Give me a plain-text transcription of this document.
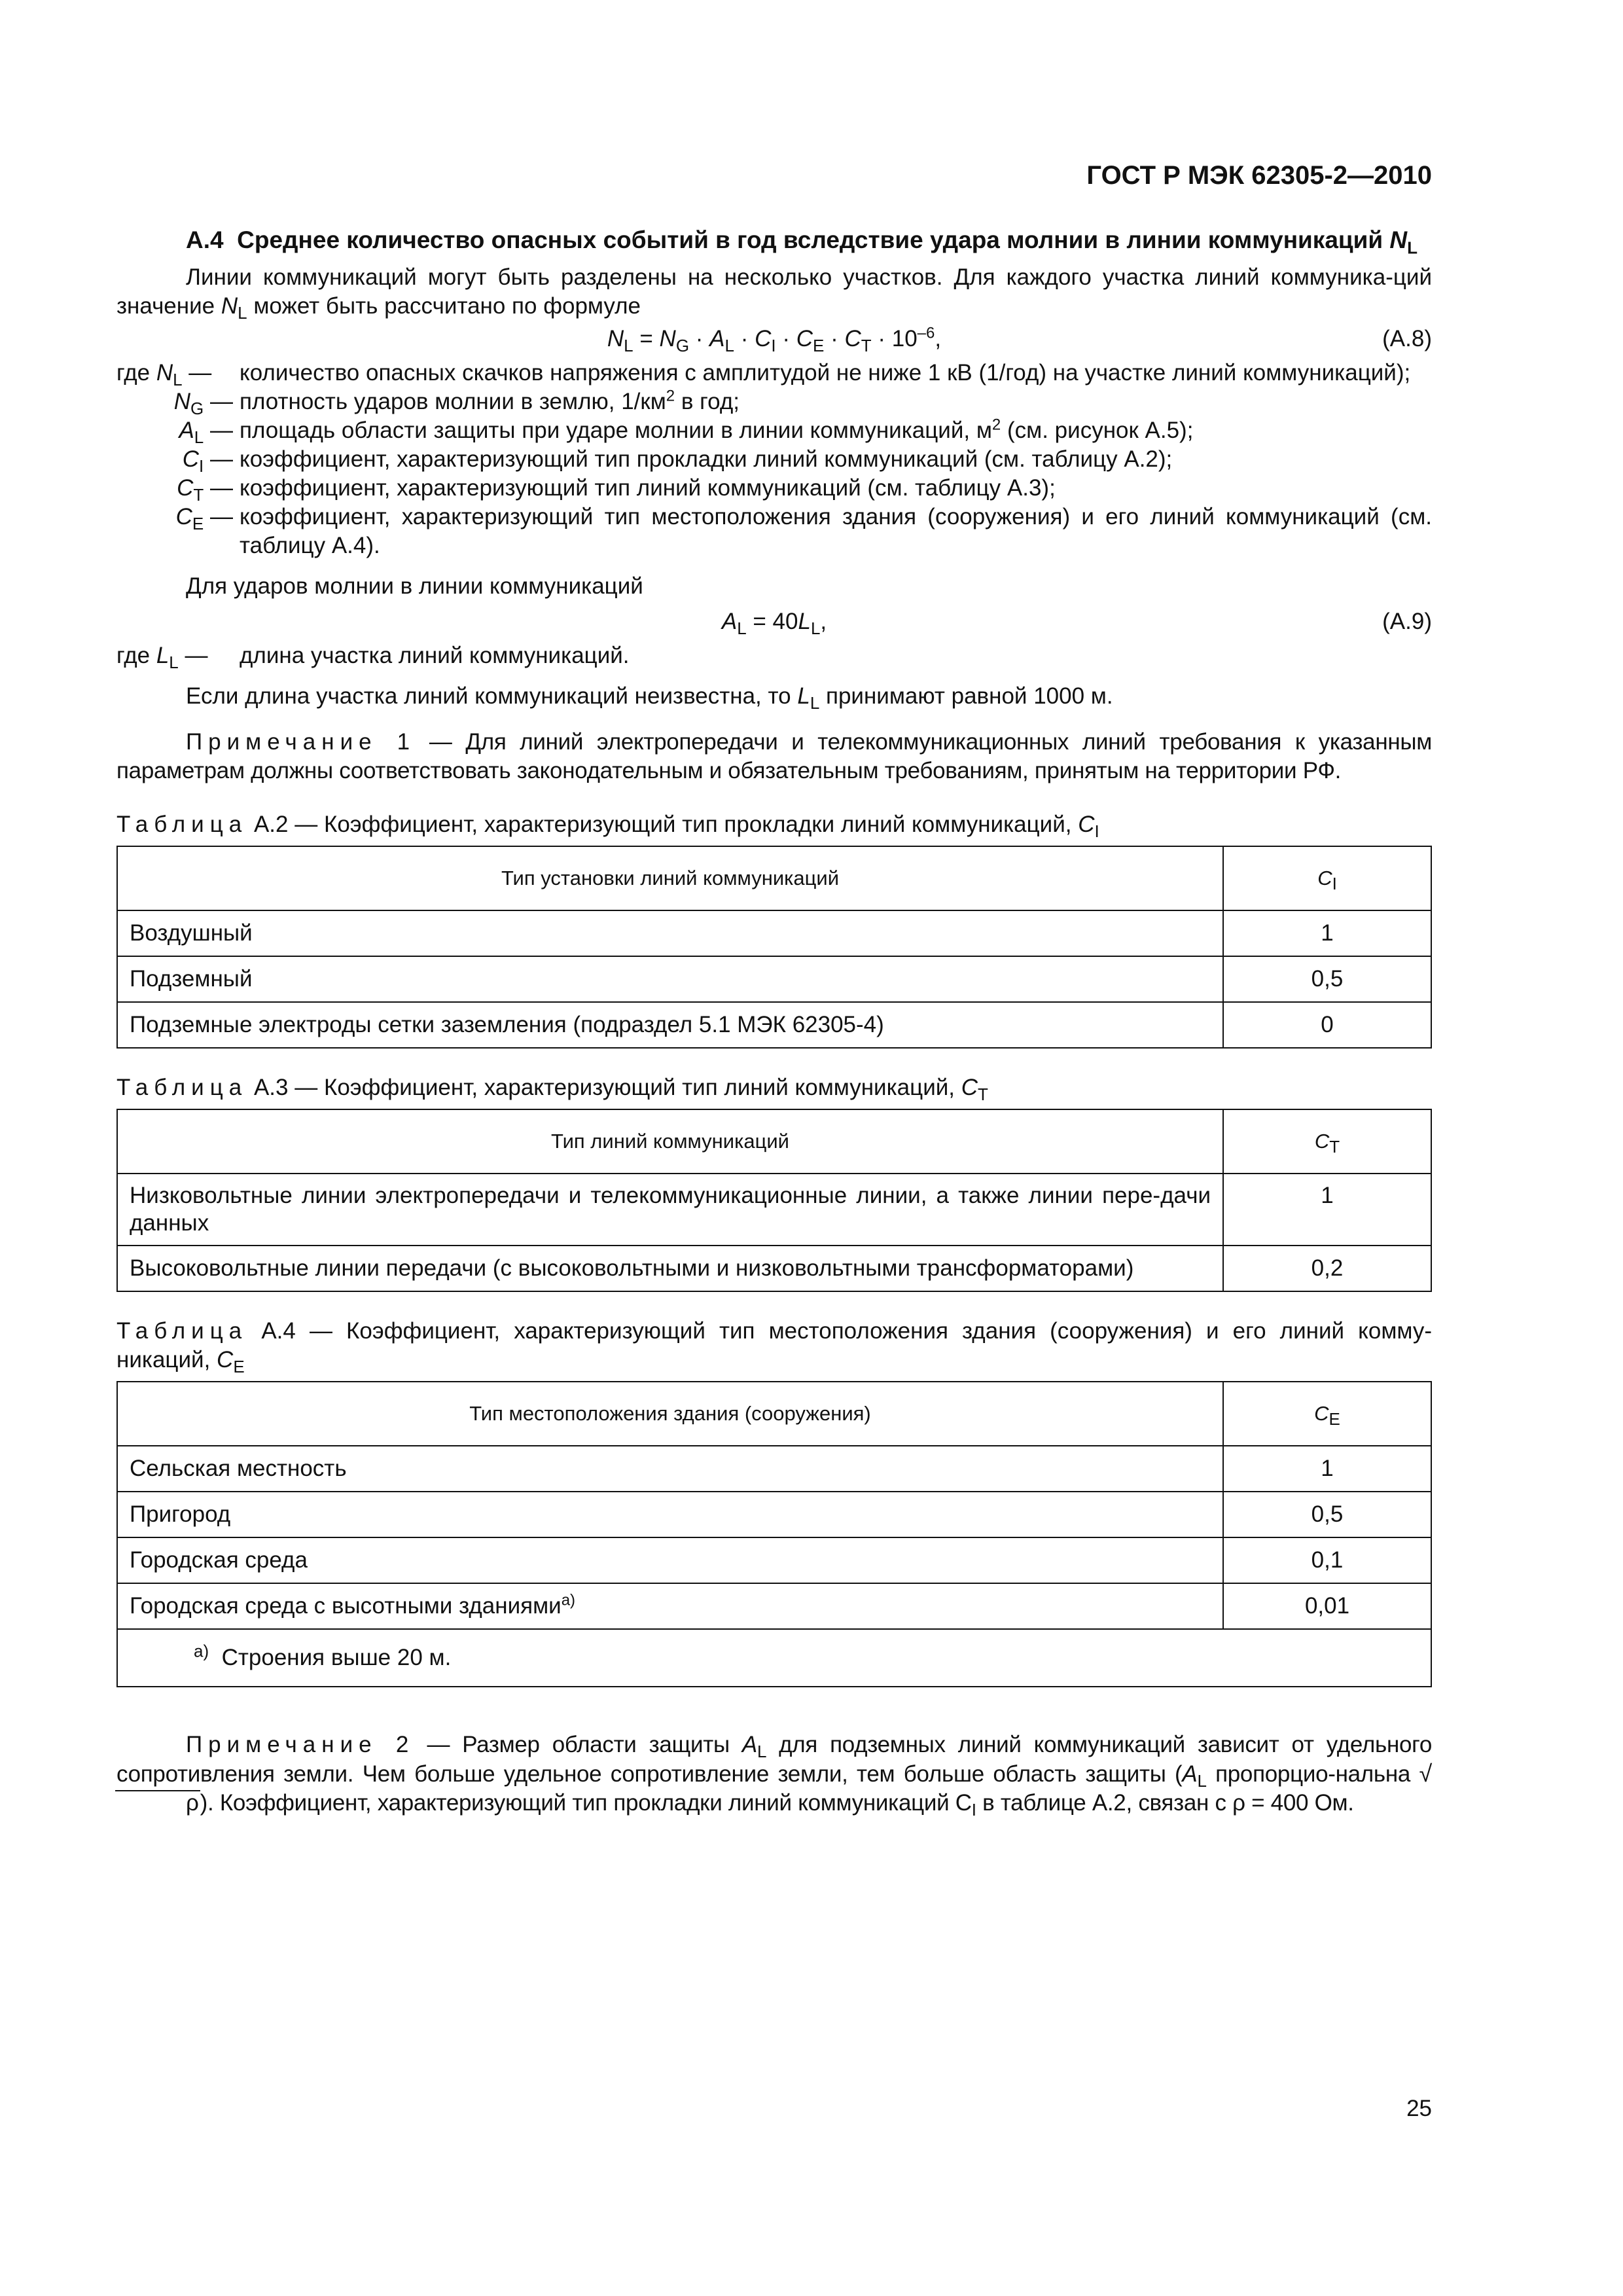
ГОСТ Р МЭК 62305-2—2010
А.4 Среднее количество опасных событий в год вследствие удара молнии в линии коммуникаций $N_L$

Линии коммуникаций могут быть разделены на несколько участков. Для каждого участка линий коммуника-ций значение $N_L$ может быть рассчитано по формуле

$N_L = N_G \cdot A_L \cdot C_I \cdot C_E \cdot C_T \cdot 10^{-6}$,	(А.8)
где $N_L$ —	количество опасных скачков напряжения с амплитудой не ниже 1 кВ (1/год) на участке линий коммуникаций);
$N_G$ — плотность ударов молнии в землю, $1/км^2$ в год;
$A_L$ — площадь области защиты при ударе молнии в линии коммуникаций, $м^2$ (см. рисунок А.5);
$C_I$ — коэффициент, характеризующий тип прокладки линий коммуникаций (см. таблицу А.2);
$C_T$ — коэффициент, характеризующий тип линий коммуникаций (см. таблицу А.3);
$C_E$ — коэффициент, характеризующий тип местоположения здания (сооружения) и его линий коммуникаций (см. таблицу А.4).

Для ударов молнии в линии коммуникаций

$A_L = 40L_L$,	(А.9)
где $L_L$ —	длина участка линий коммуникаций.

Если длина участка линий коммуникаций неизвестна, то $L_L$ принимают равной 1000 м.

Примечание 1 — Для линий электропередачи и телекоммуникационных линий требования к указанным параметрам должны соответствовать законодательным и обязательным требованиям, принятым на территории РФ.

Таблица А.2 — Коэффициент, характеризующий тип прокладки линий коммуникаций, $C_I$
Тип установки линий коммуникаций	$C_I$
Воздушный	1
Подземный	0,5
Подземные электроды сетки заземления (подраздел 5.1 МЭК 62305-4)	0
Таблица А.3 — Коэффициент, характеризующий тип линий коммуникаций, $C_T$
Тип линий коммуникаций	$C_T$
Низковольтные линии электропередачи и телекоммуникационные линии, а также линии пере-дачи данных	1
Высоковольтные линии передачи (с высоковольтными и низковольтными трансформаторами)	0,2
Таблица А.4 — Коэффициент, характеризующий тип местоположения здания (сооружения) и его линий комму-никаций, $C_E$
Тип местоположения здания (сооружения)	$C_E$
Сельская местность	1
Пригород	0,5
Городская среда	0,1
Городская среда с высотными зданиями$^{а)}$	0,01
$^{а)}$ Строения выше 20 м.	

Примечание 2 — Размер области защиты $A_L$ для подземных линий коммуникаций зависит от удельного сопротивления земли. Чем больше удельное сопротивление земли, тем больше область защиты ($A_L$ пропорцио-нальна √ρ). Коэффициент, характеризующий тип прокладки линий коммуникаций $C_I$ в таблице А.2, связан с ρ = 400 Ом.

25
